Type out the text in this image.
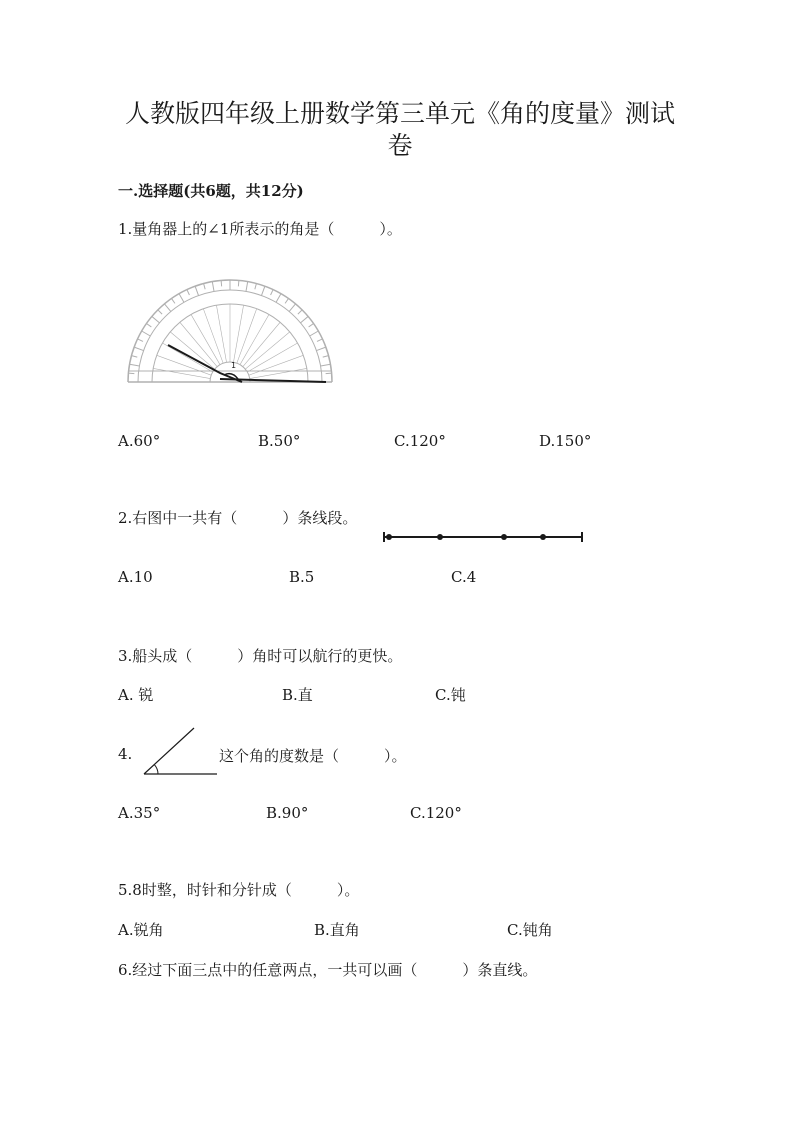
人教版四年级上册数学第三单元《角的度量》测试
卷
一.选择题(共6题，共12分)
1.量角器上的∠1所表示的角是（　　　）。
1
A.60°	B.50°	C.120°	D.150°
2.右图中一共有（　　　）条线段。
A.10	B.5	C.4
3.船头成（　　　）角时可以航行的更快。
A. 锐	B.直	C.钝
4.	这个角的度数是（　　　）。
A.35°	B.90°	C.120°
5.8时整，时针和分针成（　　　）。
A.锐角	B.直角	C.钝角
6.经过下面三点中的任意两点，一共可以画（　　　）条直线。
